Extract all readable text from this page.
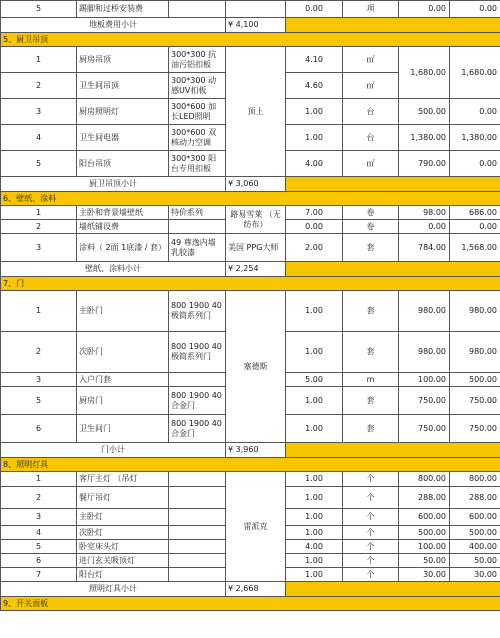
5	踢脚和过桥安装费			0.00	项	0.00	0.00
地板费用小计			¥ 4,100				
5、厨卫吊顶							
1	厨房吊顶	300*300 抗油污铝扣板	顶上	4.10	㎡	1,680.00	1,680.00
2	卫生间吊顶	300*300 动感UV扣板		4.60	㎡		
3	厨房照明灯	300*600 加长LED照明		1.00	台	500.00	0.00
4	卫生间电器	300*600 双核动力空调		1.00	台	1,380.00	1,380.00
5	阳台吊顶	300*300 阳台专用扣板		4.00	㎡	790.00	0.00
厨卫吊顶小计			¥ 3,060				
6、壁纸、涂料							
1	主卧和背景墙壁纸	特价系列	路易雪莱 （无纺布）	7.00	卷	98.00	686.00
2	墙纸铺设费			0.00	卷	0.00	0.00
3	涂料（ 2面 1底漆 / 套）	49 尊逸内墙乳胶漆	美国 PPG大师	2.00	套	784.00	1,568.00
壁纸、涂料小计			¥ 2,254				
7、门							
1	主卧门	800 1900 40 极简系列门	塞德斯	1.00	套	980.00	980.00
2	次卧门	800 1900 40 极简系列门		1.00	套	980.00	980.00
3	入户门套			5.00	m	100.00	500.00
5	厨房门	800 1900 40 合金门		1.00	套	750.00	750.00
6	卫生间门	800 1900 40 合金门		1.00	套	750.00	750.00
门小计			¥ 3,960				
8、照明灯具							
1	客厅主灯 （吊灯		雷派克	1.00	个	800.00	800.00
2	餐厅吊灯			1.00	个	288.00	288.00
3	主卧灯			1.00	个	600.00	600.00
4	次卧灯			1.00	个	500.00	500.00
5	卧室床头灯			4.00	个	100.00	400.00
6	进门玄关吸顶灯			1.00	个	50.00	50.00
7	阳台灯			1.00	个	30.00	30.00
照明灯具小计			¥ 2,668				
9、开关面板							
